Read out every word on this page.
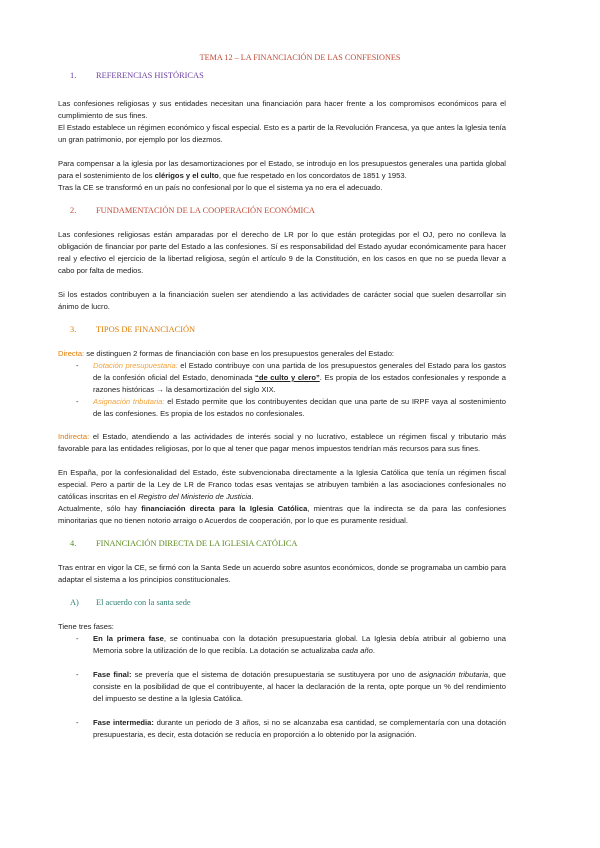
TEMA 12 – LA FINANCIACIÓN DE LAS CONFESIONES
1. REFERENCIAS HISTÓRICAS

Las confesiones religiosas y sus entidades necesitan una financiación para hacer frente a los compromisos económicos para el cumplimiento de sus fines.

El Estado establece un régimen económico y fiscal especial. Esto es a partir de la Revolución Francesa, ya que antes la Iglesia tenía un gran patrimonio, por ejemplo por los diezmos.

Para compensar a la iglesia por las desamortizaciones por el Estado, se introdujo en los presupuestos generales una partida global para el sostenimiento de los clérigos y el culto, que fue respetado en los concordatos de 1851 y 1953.

Tras la CE se transformó en un país no confesional por lo que el sistema ya no era el adecuado.

2. FUNDAMENTACIÓN DE LA COOPERACIÓN ECONÓMICA

Las confesiones religiosas están amparadas por el derecho de LR por lo que están protegidas por el OJ, pero no conlleva la obligación de financiar por parte del Estado a las confesiones. Sí es responsabilidad del Estado ayudar económicamente para hacer real y efectivo el ejercicio de la libertad religiosa, según el artículo 9 de la Constitución, en los casos en que no se pueda llevar a cabo por falta de medios.

Si los estados contribuyen a la financiación suelen ser atendiendo a las actividades de carácter social que suelen desarrollar sin ánimo de lucro.

3. TIPOS DE FINANCIACIÓN

Directa: se distinguen 2 formas de financiación con base en los presupuestos generales del Estado:

-	Dotación presupuestaria: el Estado contribuye con una partida de los presupuestos generales del Estado para los gastos de la confesión oficial del Estado, denominada “de culto y clero”. Es propia de los estados confesionales y responde a razones históricas → la desamortización del siglo XIX.
-	Asignación tributaria: el Estado permite que los contribuyentes decidan que una parte de su IRPF vaya al sostenimiento de las confesiones. Es propia de los estados no confesionales.

Indirecta: el Estado, atendiendo a las actividades de interés social y no lucrativo, establece un régimen fiscal y tributario más favorable para las entidades religiosas, por lo que al tener que pagar menos impuestos tendrían más recursos para sus fines.

En España, por la confesionalidad del Estado, éste subvencionaba directamente a la Iglesia Católica que tenía un régimen fiscal especial. Pero a partir de la Ley de LR de Franco todas esas ventajas se atribuyen también a las asociaciones confesionales no católicas inscritas en el Registro del Ministerio de Justicia.

Actualmente, sólo hay financiación directa para la Iglesia Católica, mientras que la indirecta se da para las confesiones minoritarias que no tienen notorio arraigo o Acuerdos de cooperación, por lo que es puramente residual.

4. FINANCIACIÓN DIRECTA DE LA IGLESIA CATÓLICA

Tras entrar en vigor la CE, se firmó con la Santa Sede un acuerdo sobre asuntos económicos, donde se programaba un cambio para adaptar el sistema a los principios constitucionales.

A) El acuerdo con la santa sede

Tiene tres fases:

-	En la primera fase, se continuaba con la dotación presupuestaria global. La Iglesia debía atribuir al gobierno una Memoria sobre la utilización de lo que recibía. La dotación se actualizaba cada año.
-	Fase final: se prevería que el sistema de dotación presupuestaria se sustituyera por uno de asignación tributaria, que consiste en la posibilidad de que el contribuyente, al hacer la declaración de la renta, opte porque un % del rendimiento del impuesto se destine a la Iglesia Católica.
-	Fase intermedia: durante un periodo de 3 años, si no se alcanzaba esa cantidad, se complementaría con una dotación presupuestaria, es decir, esta dotación se reducía en proporción a lo obtenido por la asignación.
